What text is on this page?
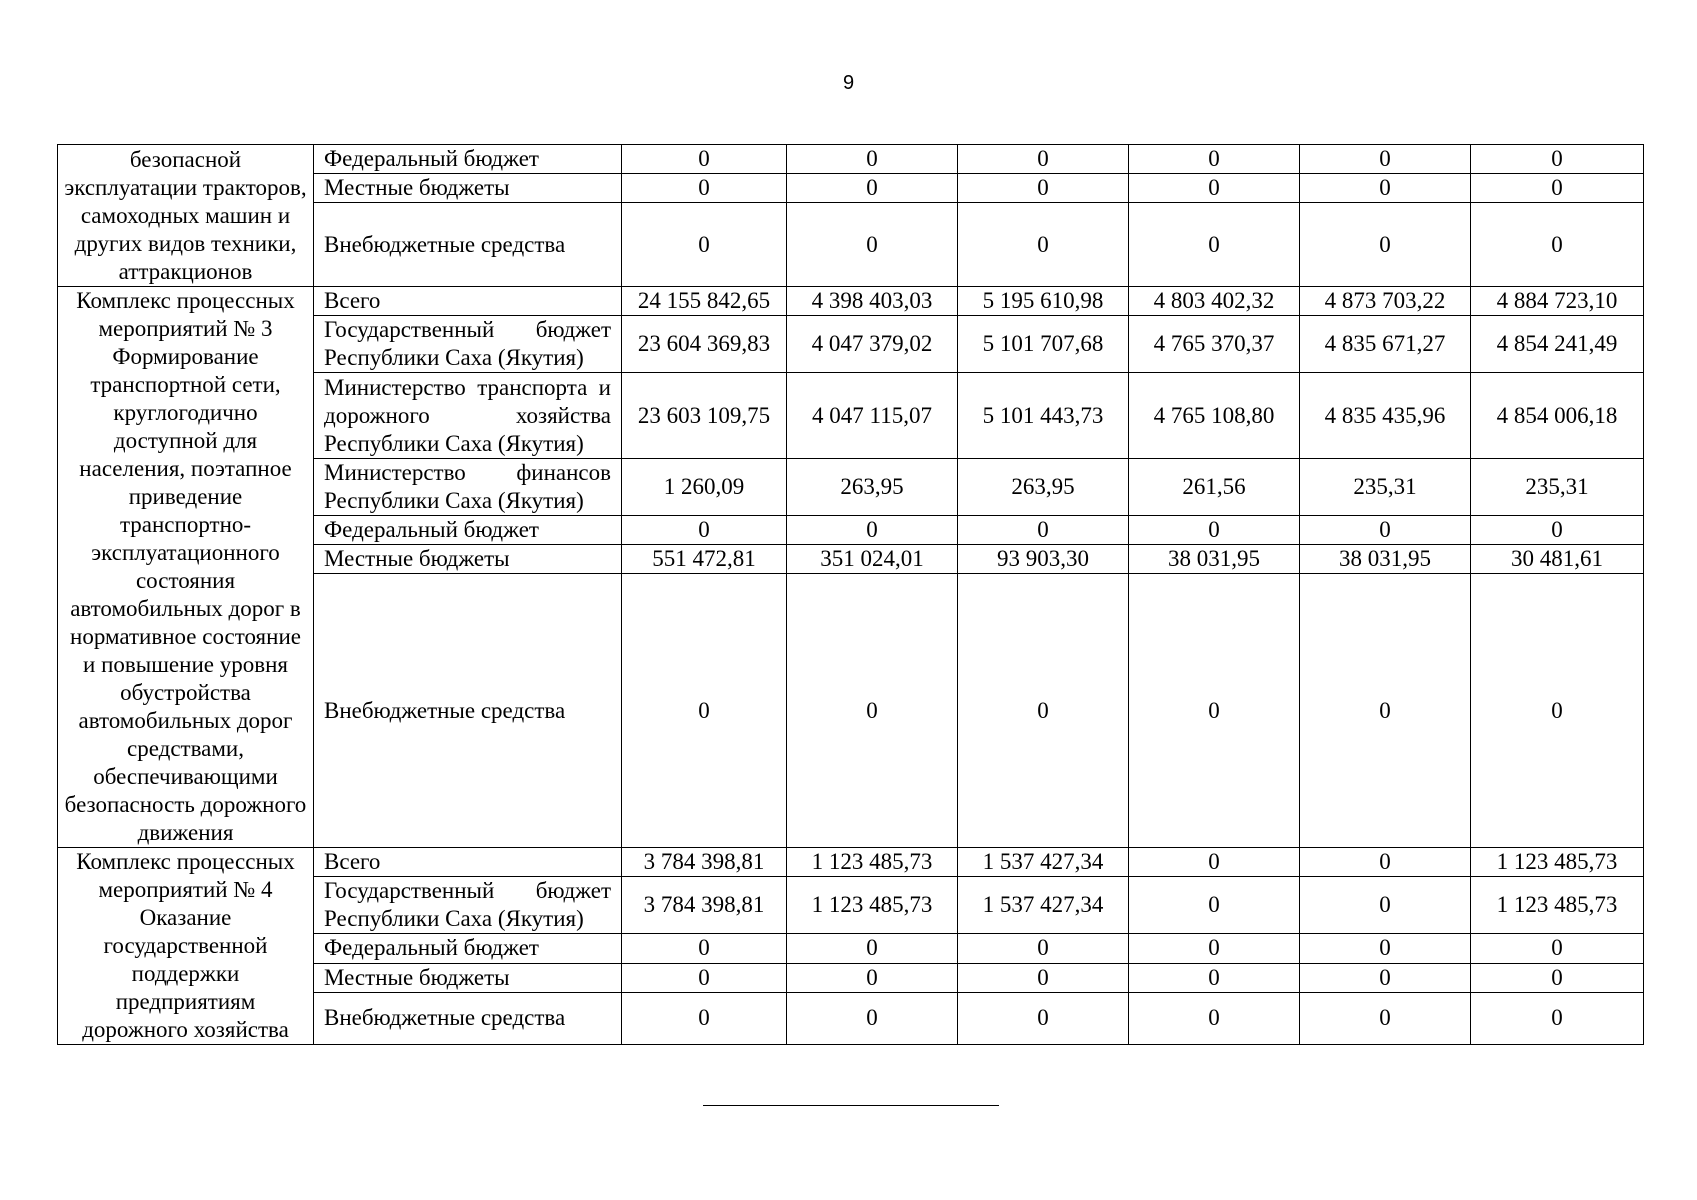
9
безопасной эксплуатации тракторов, самоходных машин и других видов техники, аттракционов	Федеральный бюджет	0	0	0	0	0	0
	Местные бюджеты	0	0	0	0	0	0
	Внебюджетные средства	0	0	0	0	0	0
Комплекс процессных мероприятий № 3 Формирование транспортной сети, круглогодично доступной для населения, поэтапное приведение транспортно-эксплуатационного состояния автомобильных дорог в нормативное состояние и повышение уровня обустройства автомобильных дорог средствами, обеспечивающими безопасность дорожного движения	Всего	24 155 842,65	4 398 403,03	5 195 610,98	4 803 402,32	4 873 703,22	4 884 723,10
	Государственный бюджет Республики Саха (Якутия)	23 604 369,83	4 047 379,02	5 101 707,68	4 765 370,37	4 835 671,27	4 854 241,49
	Министерство транспорта и дорожного хозяйства Республики Саха (Якутия)	23 603 109,75	4 047 115,07	5 101 443,73	4 765 108,80	4 835 435,96	4 854 006,18
	Министерство финансов Республики Саха (Якутия)	1 260,09	263,95	263,95	261,56	235,31	235,31
	Федеральный бюджет	0	0	0	0	0	0
	Местные бюджеты	551 472,81	351 024,01	93 903,30	38 031,95	38 031,95	30 481,61
	Внебюджетные средства	0	0	0	0	0	0
Комплекс процессных мероприятий № 4 Оказание государственной поддержки предприятиям дорожного хозяйства	Всего	3 784 398,81	1 123 485,73	1 537 427,34	0	0	1 123 485,73
	Государственный бюджет Республики Саха (Якутия)	3 784 398,81	1 123 485,73	1 537 427,34	0	0	1 123 485,73
	Федеральный бюджет	0	0	0	0	0	0
	Местные бюджеты	0	0	0	0	0	0
	Внебюджетные средства	0	0	0	0	0	0
